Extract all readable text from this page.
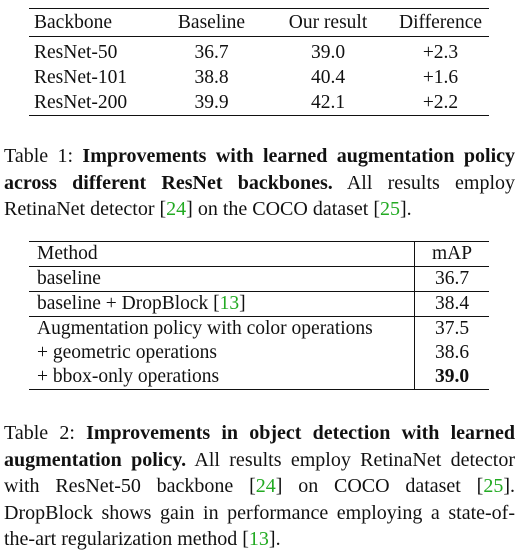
Backbone	Baseline	Our result	Difference
ResNet-50	36.7	39.0	+2.3
ResNet-101	38.8	40.4	+1.6
ResNet-200	39.9	42.1	+2.2
Table 1: Improvements with learned augmentation policy across different ResNet backbones. All results employ RetinaNet detector [24] on the COCO dataset [25].
Method	mAP
baseline	36.7
baseline + DropBlock [13]	38.4
Augmentation policy with color operations	37.5
+ geometric operations	38.6
+ bbox-only operations	39.0
Table 2: Improvements in object detection with learned augmentation policy. All results employ RetinaNet detector with ResNet-50 backbone [24] on COCO dataset [25]. DropBlock shows gain in performance employing a state-of-the-art regularization method [13].
